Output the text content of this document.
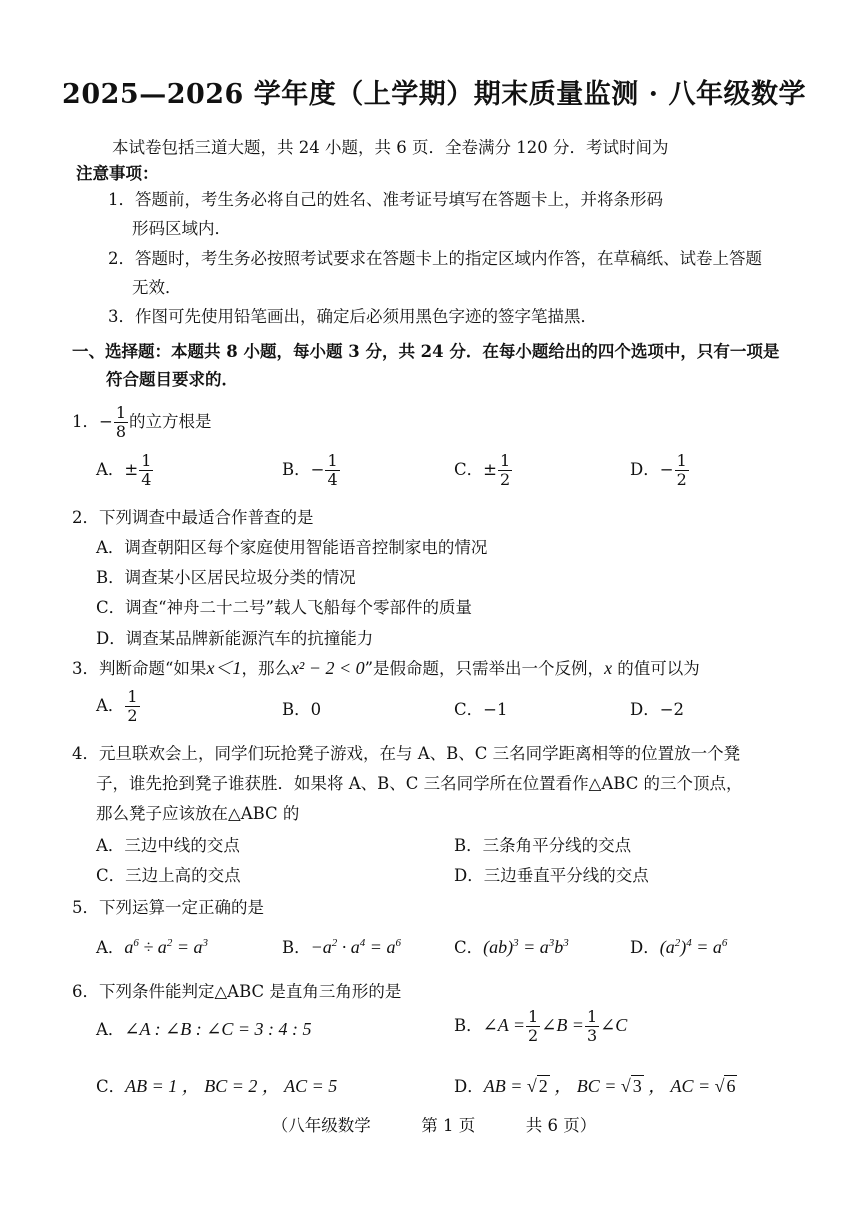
2025—2026 学年度（上学期）期末质量监测 · 八年级数学
本试卷包括三道大题，共 24 小题，共 6 页．全卷满分 120 分．考试时间为
注意事项：
1．答题前，考生务必将自己的姓名、准考证号填写在答题卡上，并将条形码
形码区域内．
2．答题时，考生务必按照考试要求在答题卡上的指定区域内作答，在草稿纸、试卷上答题
无效．
3．作图可先使用铅笔画出，确定后必须用黑色字迹的签字笔描黑．
一、选择题：本题共 8 小题，每小题 3 分，共 24 分．在每小题给出的四个选项中，只有一项是
符合题目要求的．
1．− $\frac{1}{8}$ 的立方根是
A．± $\frac{1}{4}$	B．− $\frac{1}{4}$	C．± $\frac{1}{2}$	D．− $\frac{1}{2}$
2．下列调查中最适合作普查的是
A．调查朝阳区每个家庭使用智能语音控制家电的情况
B．调查某小区居民垃圾分类的情况
C．调查“神舟二十二号”载人飞船每个零部件的质量
D．调查某品牌新能源汽车的抗撞能力
3．判断命题“如果x＜1，那么x² − 2 < 0”是假命题，只需举出一个反例，x 的值可以为
A． $\frac{1}{2}$	B．0	C．−1	D．−2
4．元旦联欢会上，同学们玩抢凳子游戏，在与 A、B、C 三名同学距离相等的位置放一个凳
子，谁先抢到凳子谁获胜．如果将 A、B、C 三名同学所在位置看作△ABC 的三个顶点，
那么凳子应该放在△ABC 的
A．三边中线的交点	B．三条角平分线的交点
C．三边上高的交点	D．三边垂直平分线的交点
5．下列运算一定正确的是
A．$a^6 \div a^2 = a^3$	B．$-a^2 \cdot a^4 = a^6$	C．$(ab)^3 = a^3b^3$	D．$(a^2)^4 = a^6$
6．下列条件能判定△ABC 是直角三角形的是
A．∠A : ∠B : ∠C = 3 : 4 : 5	B．∠A = $\frac{1}{2}$ ∠B = $\frac{1}{3}$ ∠C
C．AB = 1 ， BC = 2 ， AC = 5	D．AB = √ 2 ， BC = √ 3 ， AC = √ 6
（八年级数学	第 1 页	共 6 页）
